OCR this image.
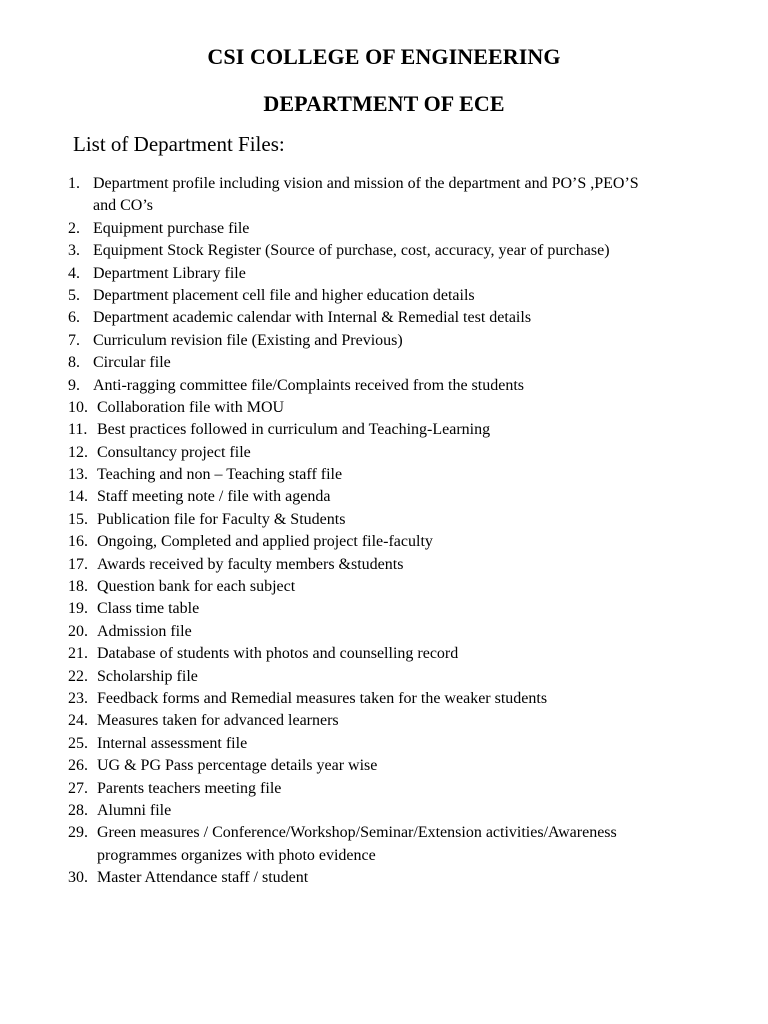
CSI COLLEGE OF ENGINEERING
DEPARTMENT OF ECE
List of Department Files:
1. Department profile including vision and mission of the department and PO’S ,PEO’S
and CO’s
2. Equipment purchase file
3. Equipment Stock Register (Source of purchase, cost, accuracy, year of purchase)
4. Department Library file
5. Department placement cell file and higher education details
6. Department academic calendar with Internal & Remedial test details
7. Curriculum revision file (Existing and Previous)
8. Circular file
9. Anti-ragging committee file/Complaints received from the students
10. Collaboration file with MOU
11. Best practices followed in curriculum and Teaching-Learning
12. Consultancy project file
13. Teaching and non – Teaching staff file
14. Staff meeting note / file with agenda
15. Publication file for Faculty & Students
16. Ongoing, Completed and applied project file-faculty
17. Awards received by faculty members &students
18. Question bank for each subject
19. Class time table
20. Admission file
21. Database of students with photos and counselling record
22. Scholarship file
23. Feedback forms and Remedial measures taken for the weaker students
24. Measures taken for advanced learners
25. Internal assessment file
26. UG & PG Pass percentage details year wise
27. Parents teachers meeting file
28. Alumni file
29. Green measures / Conference/Workshop/Seminar/Extension activities/Awareness
programmes organizes with photo evidence
30. Master Attendance staff / student
